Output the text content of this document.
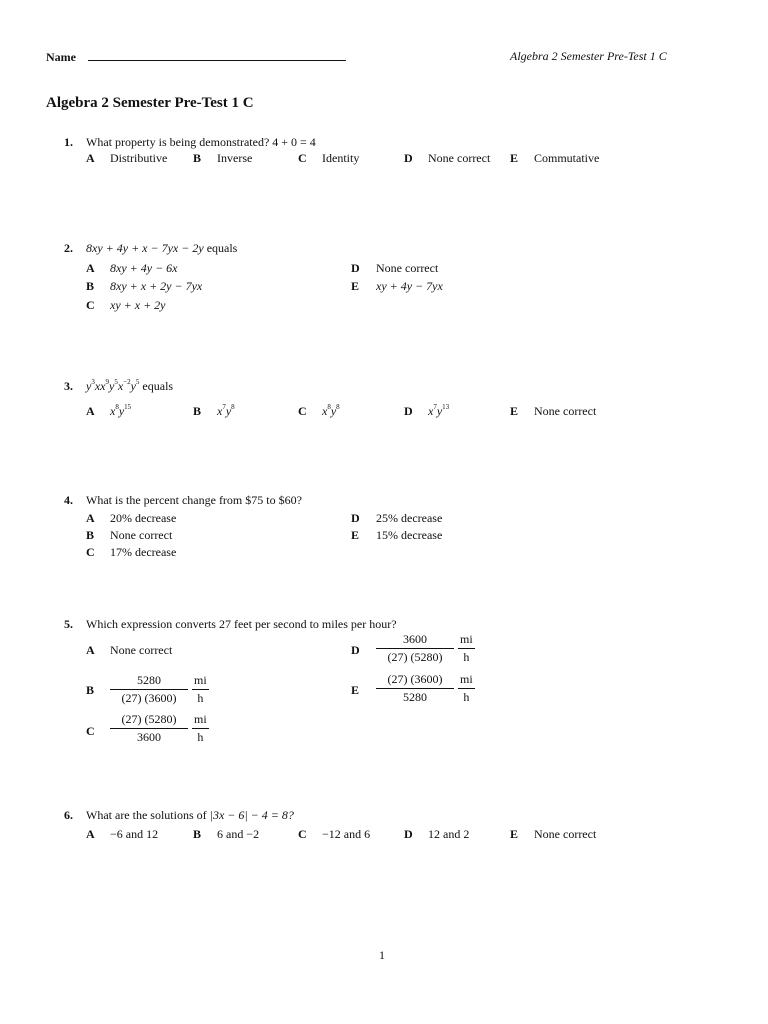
Name	Algebra 2 Semester Pre-Test 1 C
Algebra 2 Semester Pre-Test 1 C
1. What property is being demonstrated? 4 + 0 = 4
A Distributive B Inverse	C Identity	D None correct E Commutative
2. 8xy + 4y + x − 7yx − 2y equals
A 8xy + 4y − 6x
B 8xy + x + 2y − 7yx
C xy + x + 2y
D None correct
E xy + 4y − 7yx
3. $y^3xx^9y^5x^{-2}y^5$ equals
A $x^8y^{15}$	B $x^7y^8$	C $x^8y^8$	D $x^7y^{13}$	E None correct
4. What is the percent change from $75 to $60?
A 20% decrease
B None correct
C 17% decrease
D 25% decrease
E 15% decrease
5. Which expression converts 27 feet per second to miles per hour?
A None correct
B $\frac{5280}{(27) (3600)} \frac{mi}{h}$
C $\frac{(27) (5280)}{3600} \frac{mi}{h}$
D $\frac{3600}{(27) (5280)} \frac{mi}{h}$
E $\frac{(27) (3600)}{5280} \frac{mi}{h}$
6. What are the solutions of |3x − 6| − 4 = 8?
A −6 and 12	B 6 and −2	C −12 and 6	D 12 and 2	E None correct
1
